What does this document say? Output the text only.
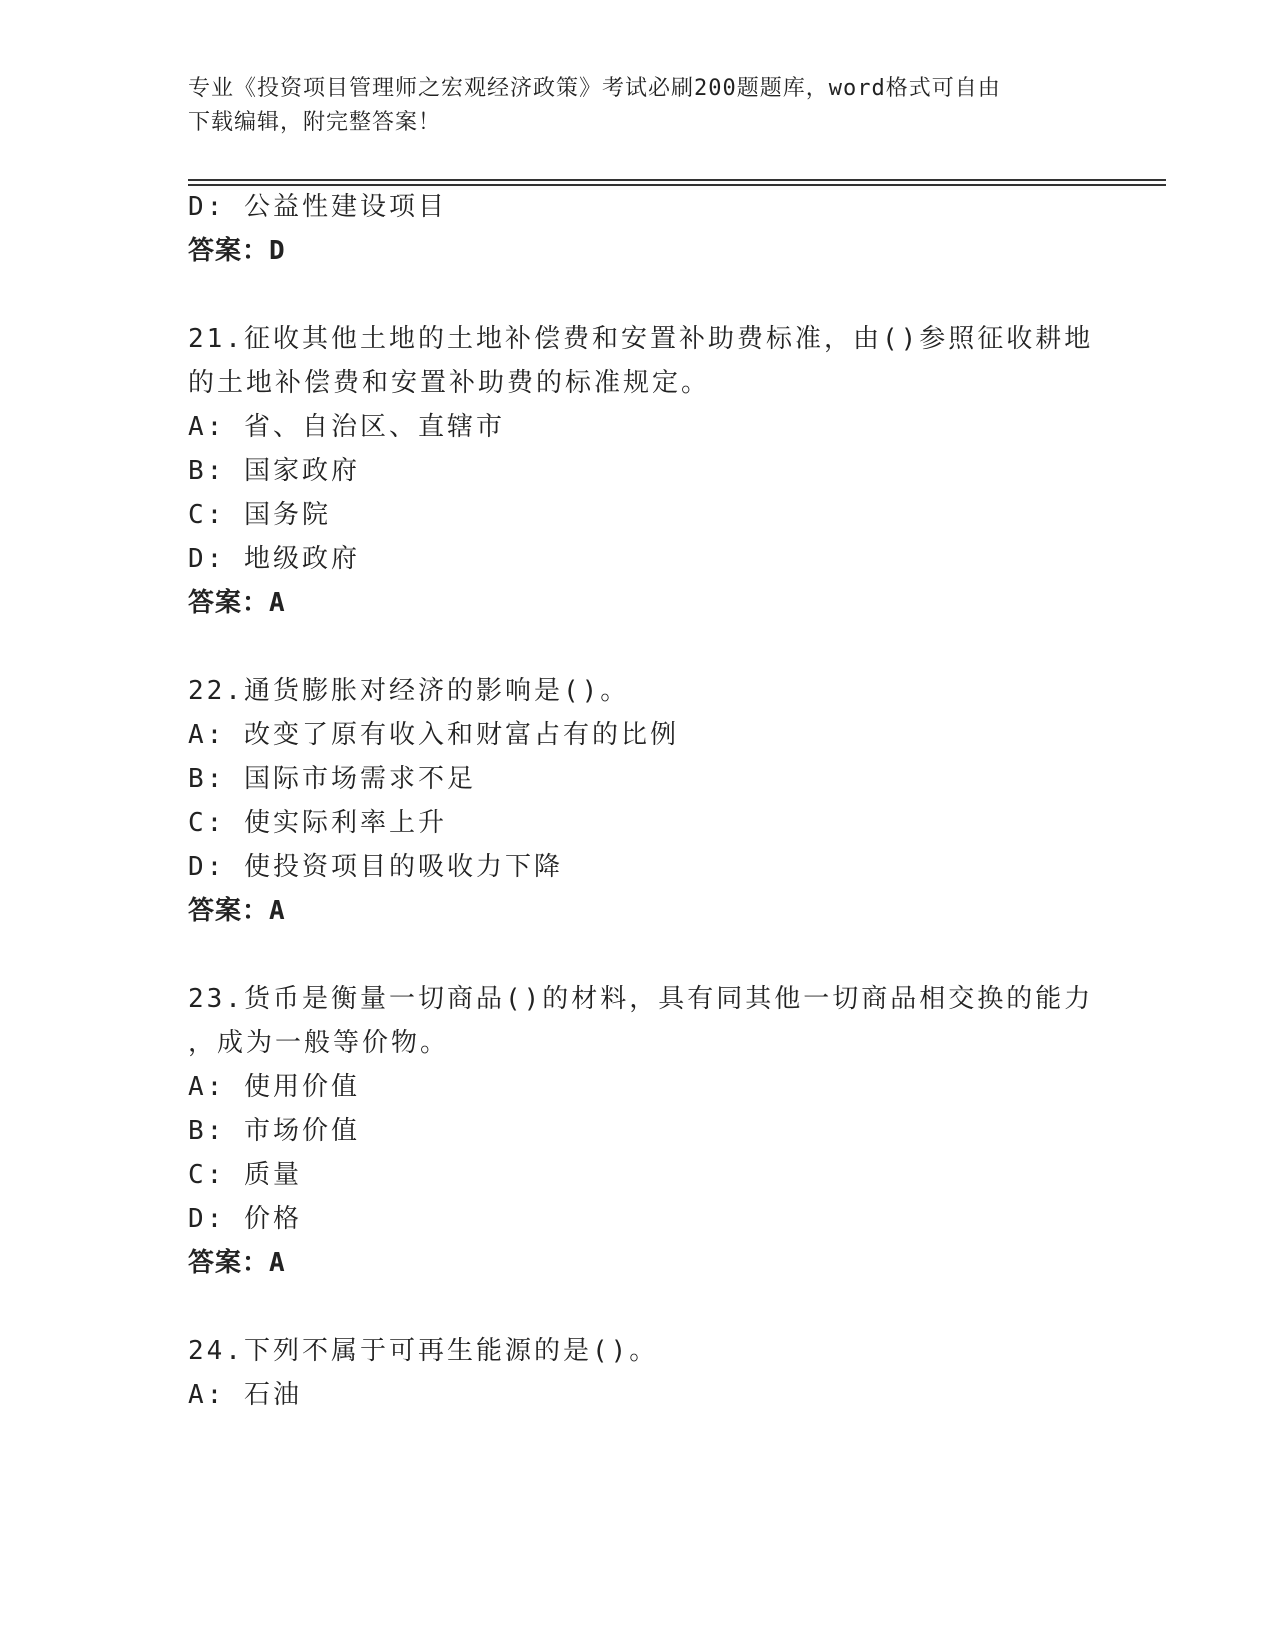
专业《投资项目管理师之宏观经济政策》考试必刷200题题库，word格式可自由
下载编辑，附完整答案！
D: 公益性建设项目
答案：D
21.征收其他土地的土地补偿费和安置补助费标准，由()参照征收耕地
的土地补偿费和安置补助费的标准规定。
A: 省、自治区、直辖市
B: 国家政府
C: 国务院
D: 地级政府
答案：A
22.通货膨胀对经济的影响是()。
A: 改变了原有收入和财富占有的比例
B: 国际市场需求不足
C: 使实际利率上升
D: 使投资项目的吸收力下降
答案：A
23.货币是衡量一切商品()的材料，具有同其他一切商品相交换的能力
，成为一般等价物。
A: 使用价值
B: 市场价值
C: 质量
D: 价格
答案：A
24.下列不属于可再生能源的是()。
A: 石油
